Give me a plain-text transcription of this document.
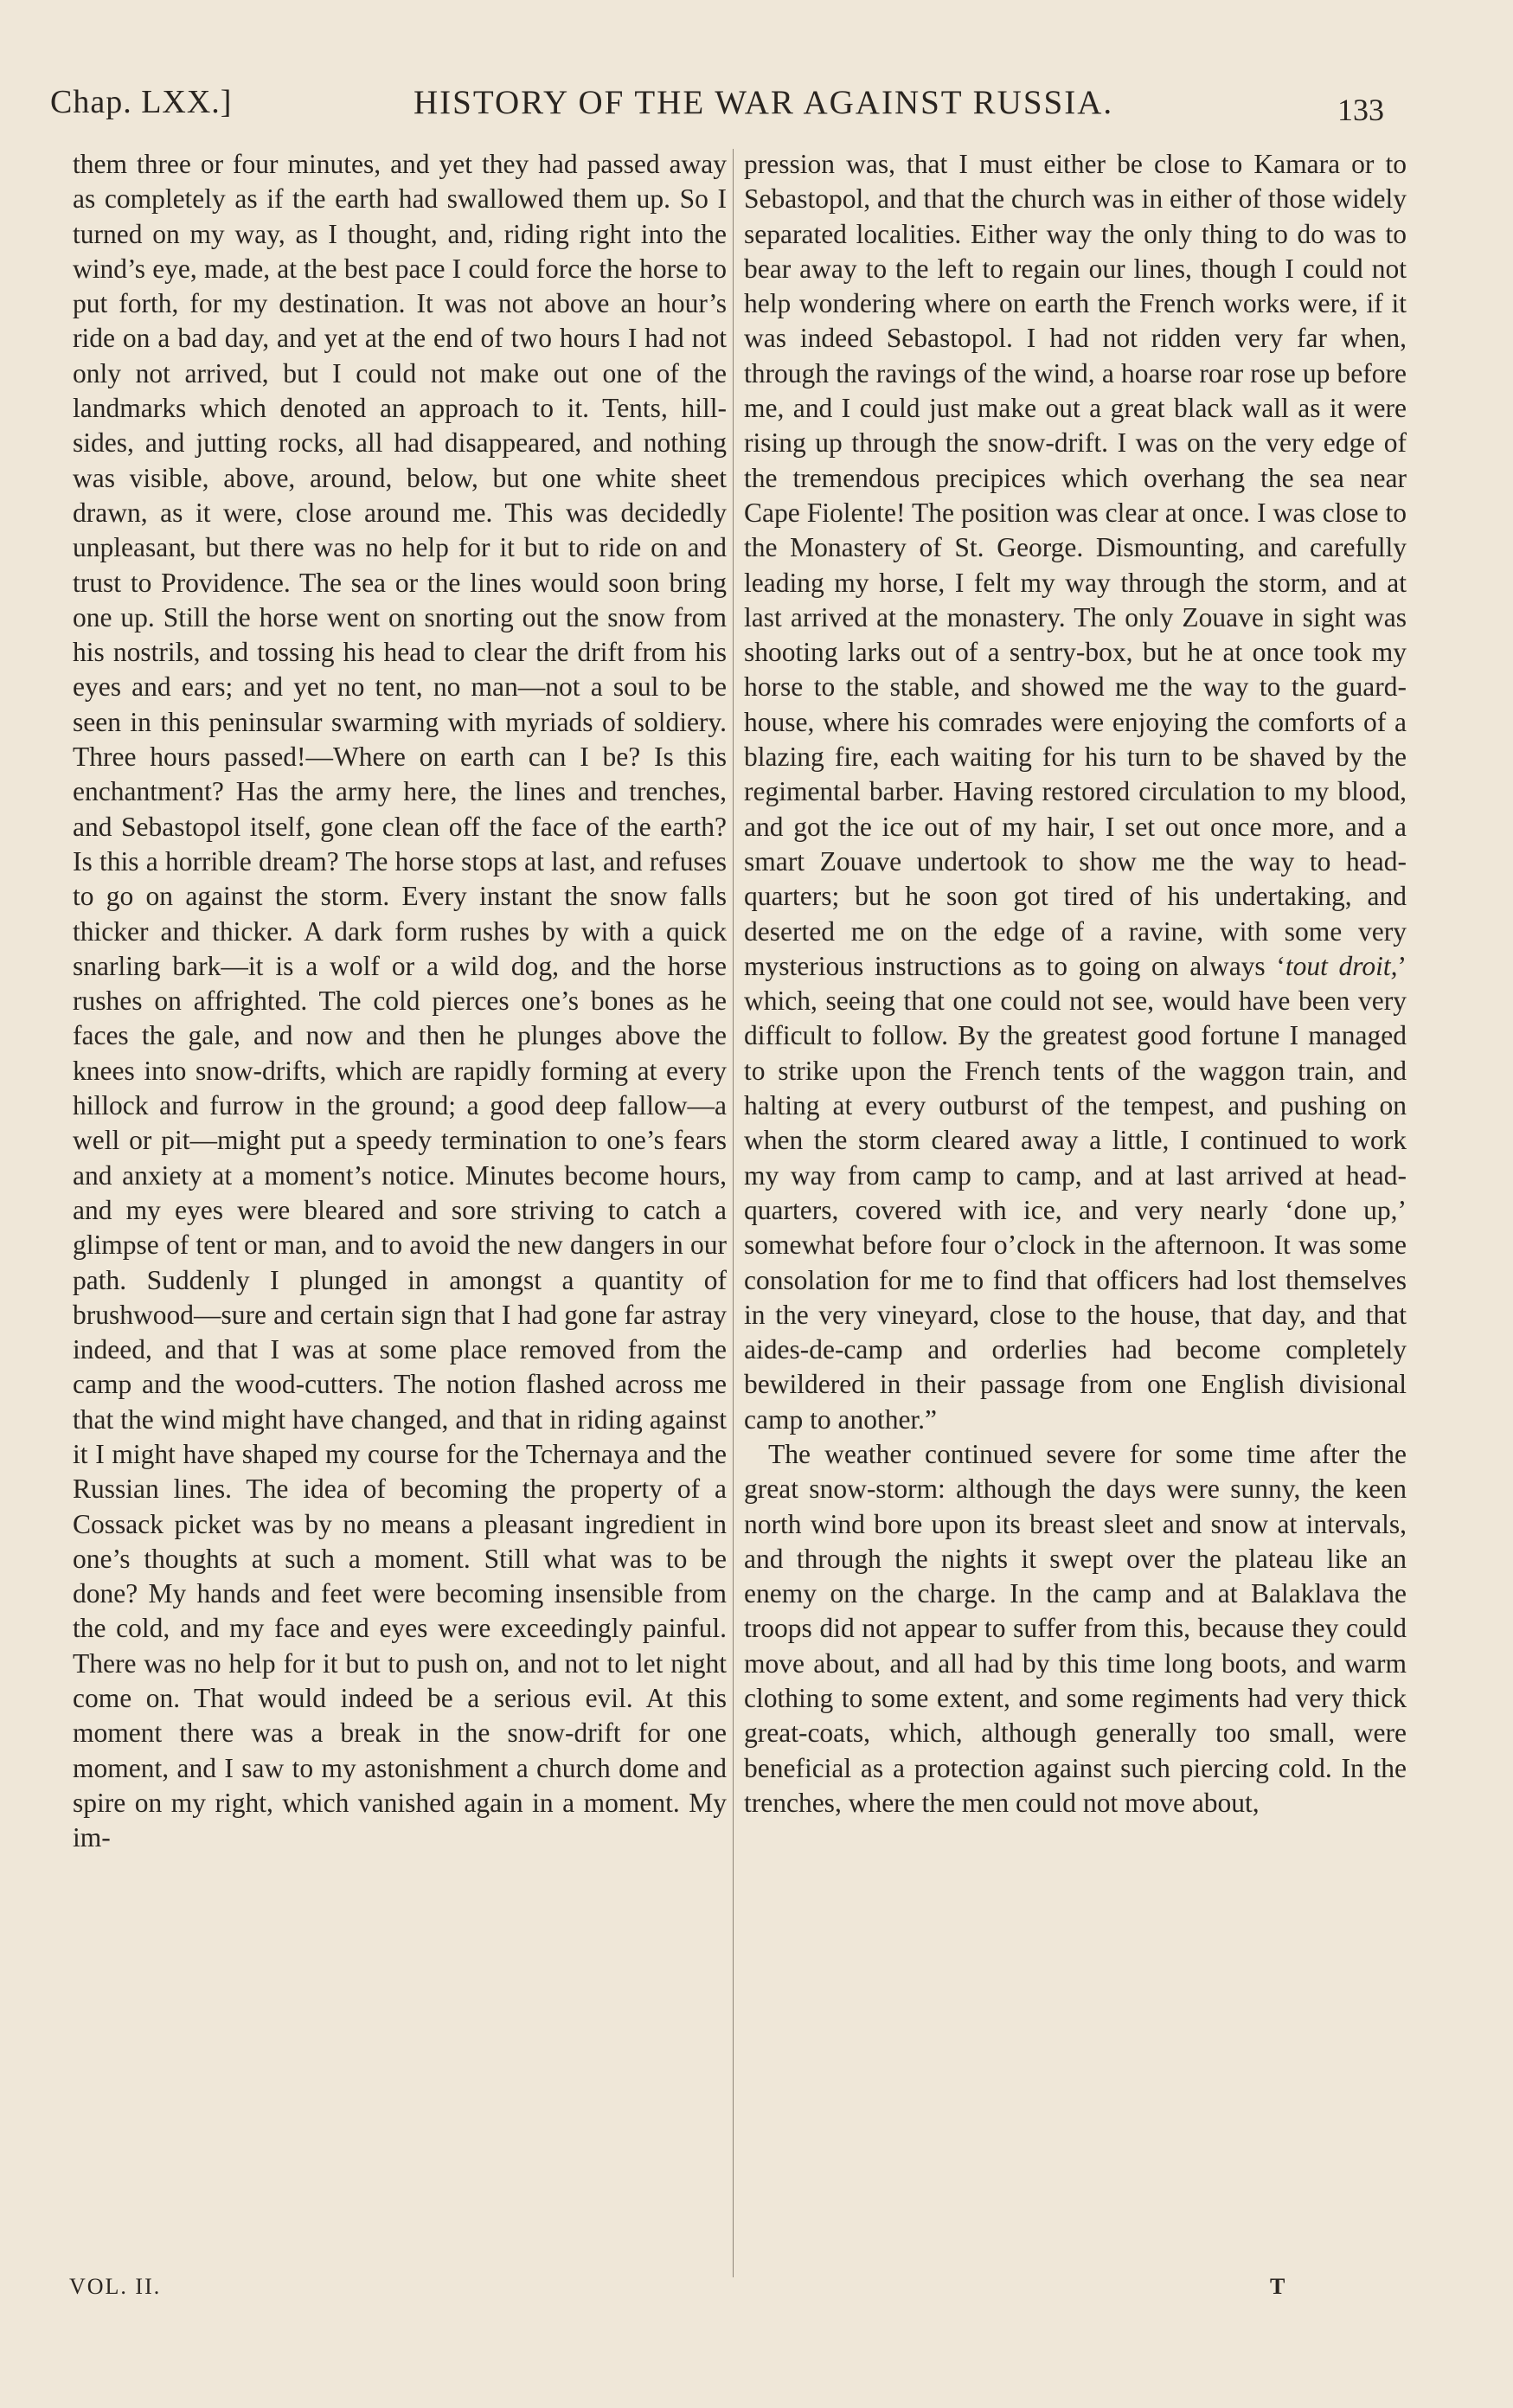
Chap. LXX.]	HISTORY OF THE WAR AGAINST RUSSIA.	133

them three or four minutes, and yet they had passed away as completely as if the earth had swallowed them up. So I turned on my way, as I thought, and, riding right into the wind’s eye, made, at the best pace I could force the horse to put forth, for my destination. It was not above an hour’s ride on a bad day, and yet at the end of two hours I had not only not arrived, but I could not make out one of the landmarks which denoted an approach to it. Tents, hill-sides, and jutting rocks, all had disappeared, and nothing was visible, above, around, below, but one white sheet drawn, as it were, close around me. This was decidedly unpleasant, but there was no help for it but to ride on and trust to Providence. The sea or the lines would soon bring one up. Still the horse went on snorting out the snow from his nostrils, and tossing his head to clear the drift from his eyes and ears; and yet no tent, no man—not a soul to be seen in this peninsular swarming with myriads of soldiery. Three hours passed!—Where on earth can I be? Is this enchantment? Has the army here, the lines and trenches, and Sebastopol itself, gone clean off the face of the earth? Is this a horrible dream? The horse stops at last, and refuses to go on against the storm. Every instant the snow falls thicker and thicker. A dark form rushes by with a quick snarling bark—it is a wolf or a wild dog, and the horse rushes on affrighted. The cold pierces one’s bones as he faces the gale, and now and then he plunges above the knees into snow-drifts, which are rapidly forming at every hillock and furrow in the ground; a good deep fallow—a well or pit—might put a speedy termination to one’s fears and anxiety at a moment’s notice. Minutes become hours, and my eyes were bleared and sore striving to catch a glimpse of tent or man, and to avoid the new dangers in our path. Suddenly I plunged in amongst a quantity of brushwood—sure and certain sign that I had gone far astray indeed, and that I was at some place removed from the camp and the wood-cutters. The notion flashed across me that the wind might have changed, and that in riding against it I might have shaped my course for the Tchernaya and the Russian lines. The idea of becoming the property of a Cossack picket was by no means a pleasant ingredient in one’s thoughts at such a moment. Still what was to be done? My hands and feet were becoming insensible from the cold, and my face and eyes were exceedingly painful. There was no help for it but to push on, and not to let night come on. That would indeed be a serious evil. At this moment there was a break in the snow-drift for one moment, and I saw to my astonishment a church dome and spire on my right, which vanished again in a moment. My im-

pression was, that I must either be close to Kamara or to Sebastopol, and that the church was in either of those widely separated localities. Either way the only thing to do was to bear away to the left to regain our lines, though I could not help wondering where on earth the French works were, if it was indeed Sebastopol. I had not ridden very far when, through the ravings of the wind, a hoarse roar rose up before me, and I could just make out a great black wall as it were rising up through the snow-drift. I was on the very edge of the tremendous precipices which overhang the sea near Cape Fiolente! The position was clear at once. I was close to the Monastery of St. George. Dismounting, and carefully leading my horse, I felt my way through the storm, and at last arrived at the monastery. The only Zouave in sight was shooting larks out of a sentry-box, but he at once took my horse to the stable, and showed me the way to the guard-house, where his comrades were enjoying the comforts of a blazing fire, each waiting for his turn to be shaved by the regimental barber. Having restored circulation to my blood, and got the ice out of my hair, I set out once more, and a smart Zouave undertook to show me the way to head-quarters; but he soon got tired of his undertaking, and deserted me on the edge of a ravine, with some very mysterious instructions as to going on always ‘tout droit,’ which, seeing that one could not see, would have been very difficult to follow. By the greatest good fortune I managed to strike upon the French tents of the waggon train, and halting at every outburst of the tempest, and pushing on when the storm cleared away a little, I continued to work my way from camp to camp, and at last arrived at head-quarters, covered with ice, and very nearly ‘done up,’ somewhat before four o’clock in the afternoon. It was some consolation for me to find that officers had lost themselves in the very vineyard, close to the house, that day, and that aides-de-camp and orderlies had become completely bewildered in their passage from one English divisional camp to another.”

The weather continued severe for some time after the great snow-storm: although the days were sunny, the keen north wind bore upon its breast sleet and snow at intervals, and through the nights it swept over the plateau like an enemy on the charge. In the camp and at Balaklava the troops did not appear to suffer from this, because they could move about, and all had by this time long boots, and warm clothing to some extent, and some regiments had very thick great-coats, which, although generally too small, were beneficial as a protection against such piercing cold. In the trenches, where the men could not move about,

VOL. II.	T
